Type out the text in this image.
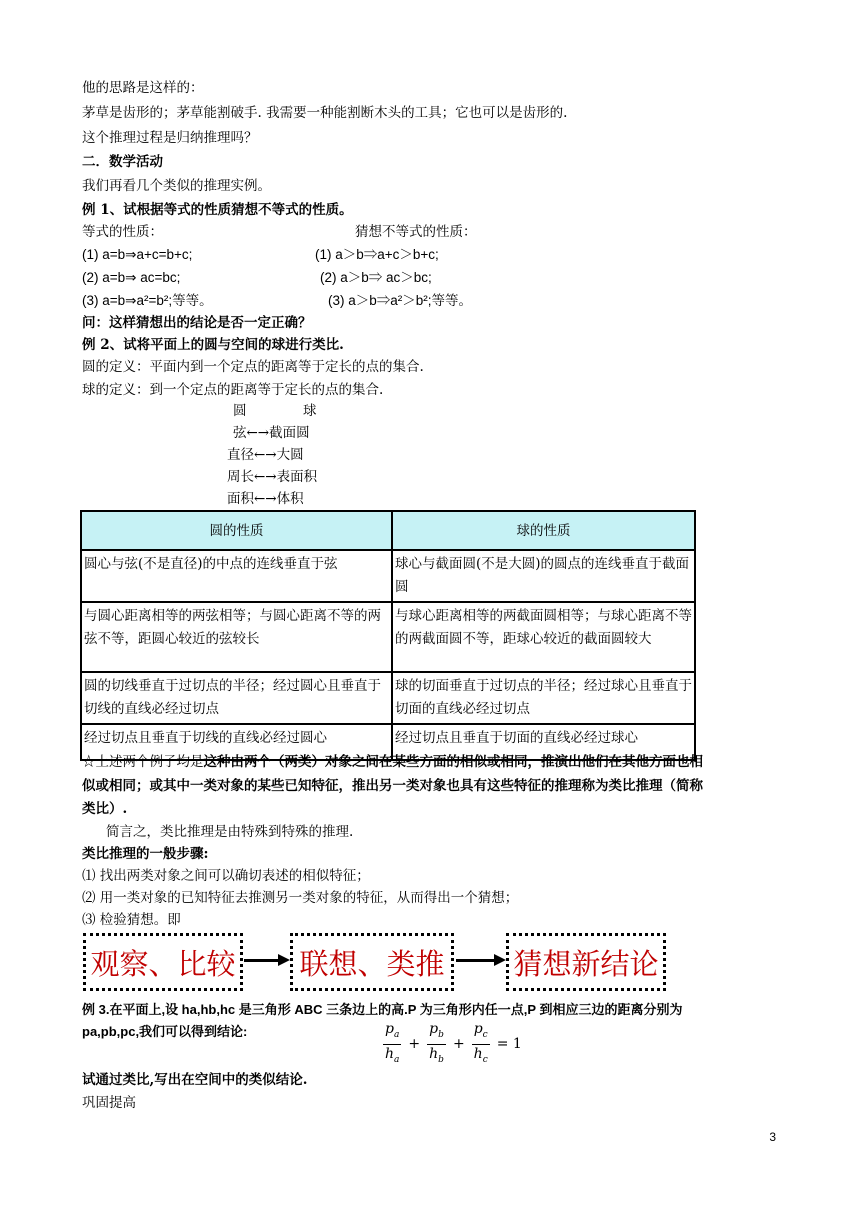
他的思路是这样的：
茅草是齿形的；茅草能割破手. 我需要一种能割断木头的工具；它也可以是齿形的.
这个推理过程是归纳推理吗？
二．数学活动
我们再看几个类似的推理实例。
例 1、试根据等式的性质猜想不等式的性质。
等式的性质：	猜想不等式的性质：
(1) a=b⇒a+c=b+c;	(1) a＞b⇒a+c＞b+c;
(2) a=b⇒ ac=bc;	(2) a＞b⇒ ac＞bc;
(3) a=b⇒a²=b²;等等。	(3) a＞b⇒a²＞b²;等等。
问：这样猜想出的结论是否一定正确？
例 2、试将平面上的圆与空间的球进行类比.
圆的定义：平面内到一个定点的距离等于定长的点的集合.
球的定义：到一个定点的距离等于定长的点的集合.
圆	球
弦←→截面圆
直径←→大圆
周长←→表面积
面积←→体积
圆的性质	球的性质
圆心与弦(不是直径)的中点的连线垂直于弦	球心与截面圆(不是大圆)的圆点的连线垂直于截面圆
与圆心距离相等的两弦相等；与圆心距离不等的两弦不等，距圆心较近的弦较长	与球心距离相等的两截面圆相等；与球心距离不等的两截面圆不等，距球心较近的截面圆较大
圆的切线垂直于过切点的半径；经过圆心且垂直于切线的直线必经过切点	球的切面垂直于过切点的半径；经过球心且垂直于切面的直线必经过切点
经过切点且垂直于切线的直线必经过圆心	经过切点且垂直于切面的直线必经过球心
☆上述两个例子均是这种由两个（两类）对象之间在某些方面的相似或相同，推演出他们在其他方面也相
似或相同；或其中一类对象的某些已知特征，推出另一类对象也具有这些特征的推理称为类比推理（简称
类比）.
简言之，类比推理是由特殊到特殊的推理.
类比推理的一般步骤:
⑴ 找出两类对象之间可以确切表述的相似特征；
⑵ 用一类对象的已知特征去推测另一类对象的特征，从而得出一个猜想；
⑶ 检验猜想。即
观察、比较	联想、类推	猜想新结论
例 3.在平面上,设 ha,hb,hc 是三角形 ABC 三条边上的高.P 为三角形内任一点,P 到相应三边的距离分别为
pa,pb,pc,我们可以得到结论:	$\frac{p_a}{h_a} + \frac{p_b}{h_b} + \frac{p_c}{h_c} = 1$
试通过类比,写出在空间中的类似结论.
巩固提高
3
